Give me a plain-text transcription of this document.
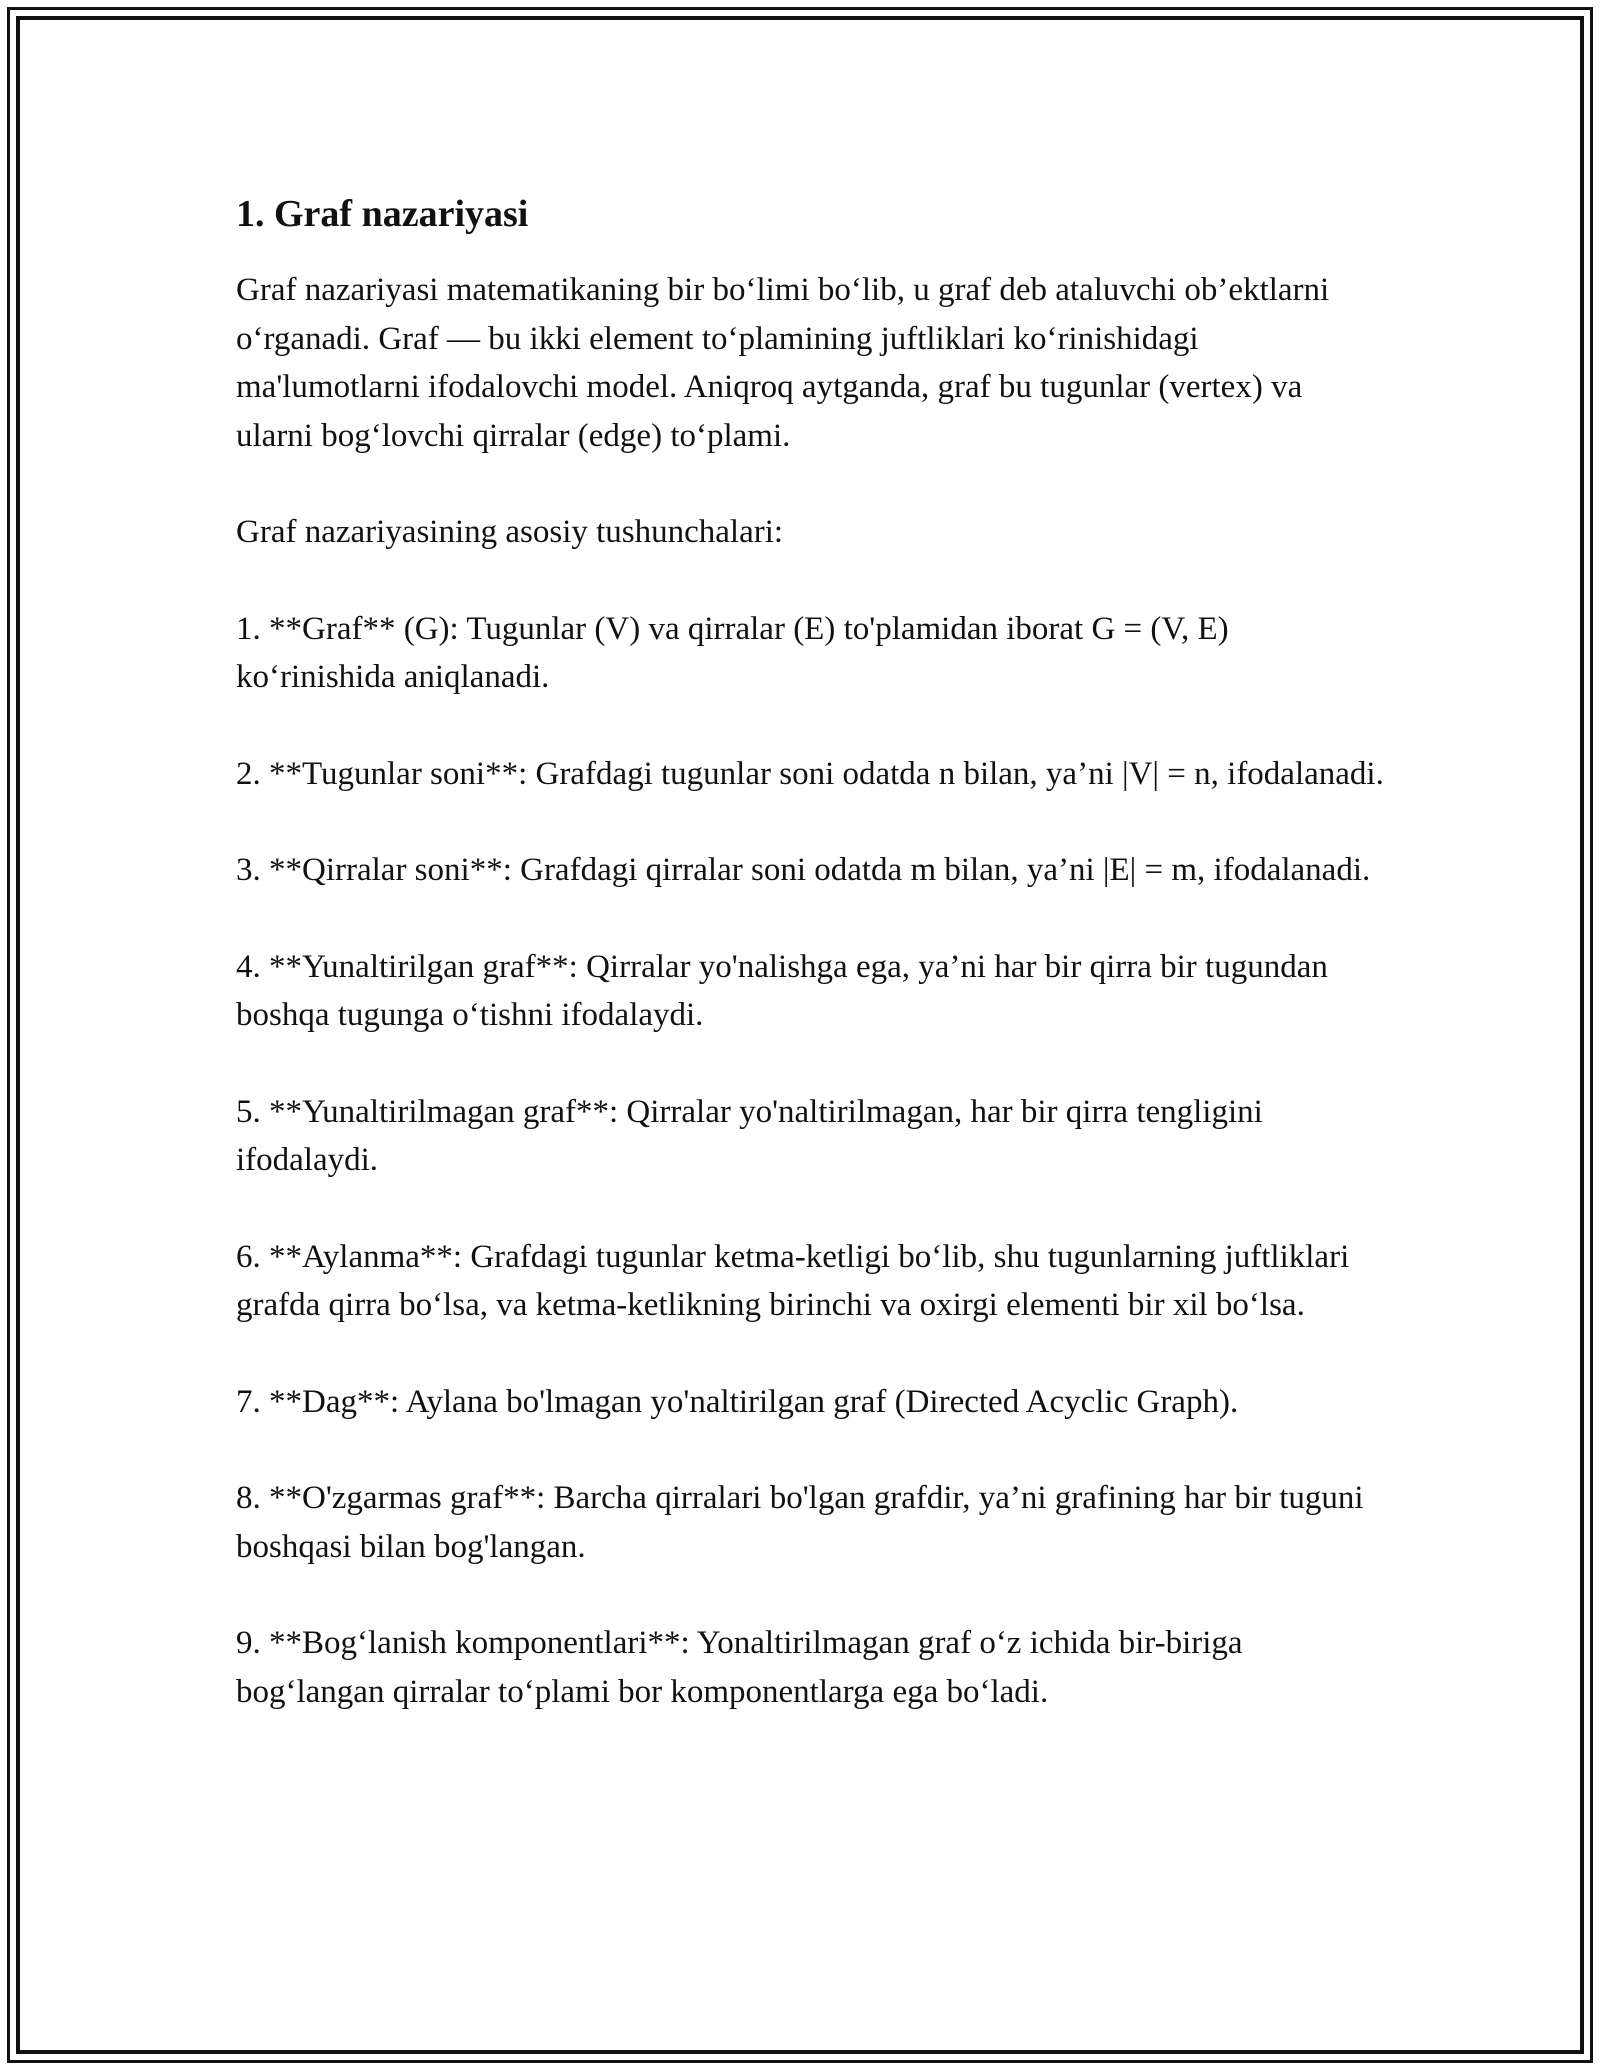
1. Graf nazariyasi

Graf nazariyasi matematikaning bir bo‘limi bo‘lib, u graf deb ataluvchi ob’ektlarni o‘rganadi. Graf — bu ikki element to‘plamining juftliklari ko‘rinishidagi ma'lumotlarni ifodalovchi model. Aniqroq aytganda, graf bu tugunlar (vertex) va ularni bog‘lovchi qirralar (edge) to‘plami.

Graf nazariyasining asosiy tushunchalari:

1. **Graf** (G): Tugunlar (V) va qirralar (E) to'plamidan iborat G = (V, E) ko‘rinishida aniqlanadi.

2. **Tugunlar soni**: Grafdagi tugunlar soni odatda n bilan, ya’ni |V| = n, ifodalanadi.

3. **Qirralar soni**: Grafdagi qirralar soni odatda m bilan, ya’ni |E| = m, ifodalanadi.

4. **Yunaltirilgan graf**: Qirralar yo'nalishga ega, ya’ni har bir qirra bir tugundan boshqa tugunga o‘tishni ifodalaydi.

5. **Yunaltirilmagan graf**: Qirralar yo'naltirilmagan, har bir qirra tengligini ifodalaydi.

6. **Aylanma**: Grafdagi tugunlar ketma-ketligi bo‘lib, shu tugunlarning juftliklari grafda qirra bo‘lsa, va ketma-ketlikning birinchi va oxirgi elementi bir xil bo‘lsa.

7. **Dag**: Aylana bo'lmagan yo'naltirilgan graf (Directed Acyclic Graph).

8. **O'zgarmas graf**: Barcha qirralari bo'lgan grafdir, ya’ni grafining har bir tuguni boshqasi bilan bog'langan.

9. **Bog‘lanish komponentlari**: Yonaltirilmagan graf o‘z ichida bir-biriga bog‘langan qirralar to‘plami bor komponentlarga ega bo‘ladi.
